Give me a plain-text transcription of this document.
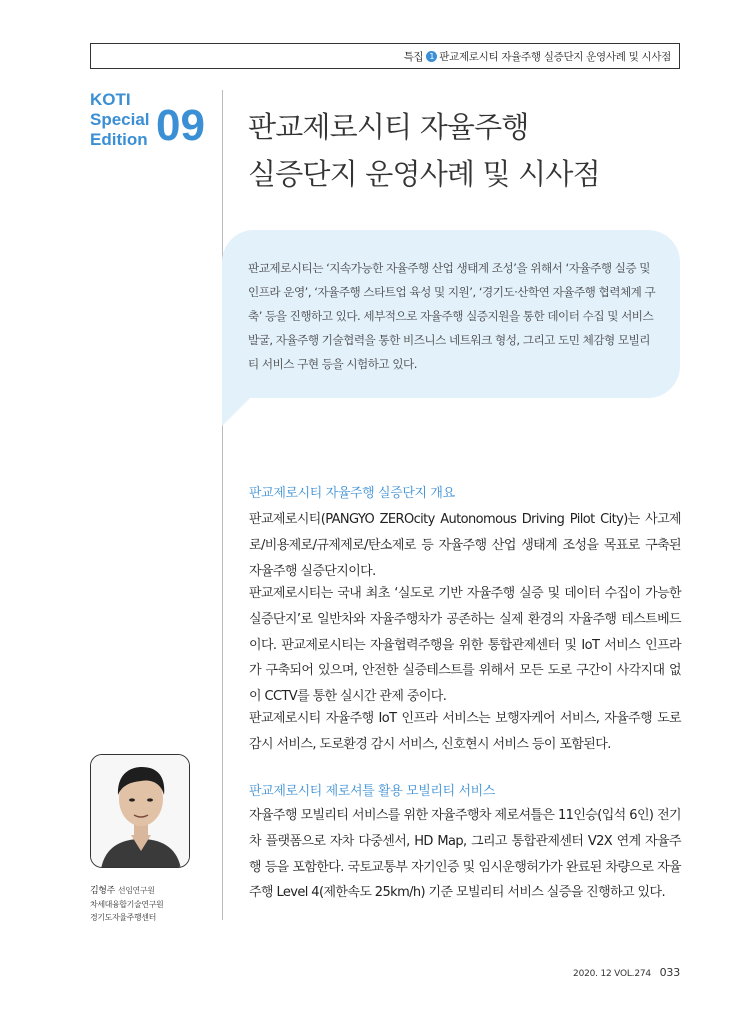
특집 1 판교제로시티 자율주행 실증단지 운영사례 및 시사점
KOTI
Special
Edition 09 판교제로시티 자율주행
실증단지 운영사례 및 시사점

판교제로시티는 ‘지속가능한 자율주행 산업 생태계 조성’을 위해서 ‘자율주행 실증 및 인프라 운영’, ‘자율주행 스타트업 육성 및 지원’, ‘경기도·산학연 자율주행 협력체계 구축’ 등을 진행하고 있다. 세부적으로 자율주행 실증지원을 통한 데이터 수집 및 서비스 발굴, 자율주행 기술협력을 통한 비즈니스 네트워크 형성, 그리고 도민 체감형 모빌리티 서비스 구현 등을 시험하고 있다.

판교제로시티 자율주행 실증단지 개요

판교제로시티(PANGYO ZEROcity Autonomous Driving Pilot City)는 사고제로/비용제로/규제제로/탄소제로 등 자율주행 산업 생태계 조성을 목표로 구축된 자율주행 실증단지이다.

판교제로시티는 국내 최초 ‘실도로 기반 자율주행 실증 및 데이터 수집이 가능한 실증단지’로 일반차와 자율주행차가 공존하는 실제 환경의 자율주행 테스트베드이다. 판교제로시티는 자율협력주행을 위한 통합관제센터 및 IoT 서비스 인프라가 구축되어 있으며, 안전한 실증테스트를 위해서 모든 도로 구간이 사각지대 없이 CCTV를 통한 실시간 관제 중이다.

판교제로시티 자율주행 IoT 인프라 서비스는 보행자케어 서비스, 자율주행 도로감시 서비스, 도로환경 감시 서비스, 신호현시 서비스 등이 포함된다.

판교제로시티 제로셔틀 활용 모빌리티 서비스

자율주행 모빌리티 서비스를 위한 자율주행차 제로셔틀은 11인승(입석 6인) 전기차 플랫폼으로 자차 다중센서, HD Map, 그리고 통합관제센터 V2X 연계 자율주행 등을 포함한다. 국토교통부 자기인증 및 임시운행허가가 완료된 차량으로 자율주행 Level 4(제한속도 25km/h) 기준 모빌리티 서비스 실증을 진행하고 있다.

김형주 선임연구원
차세대융합기술연구원
경기도자율주행센터
2020. 12 VOL.274 033
